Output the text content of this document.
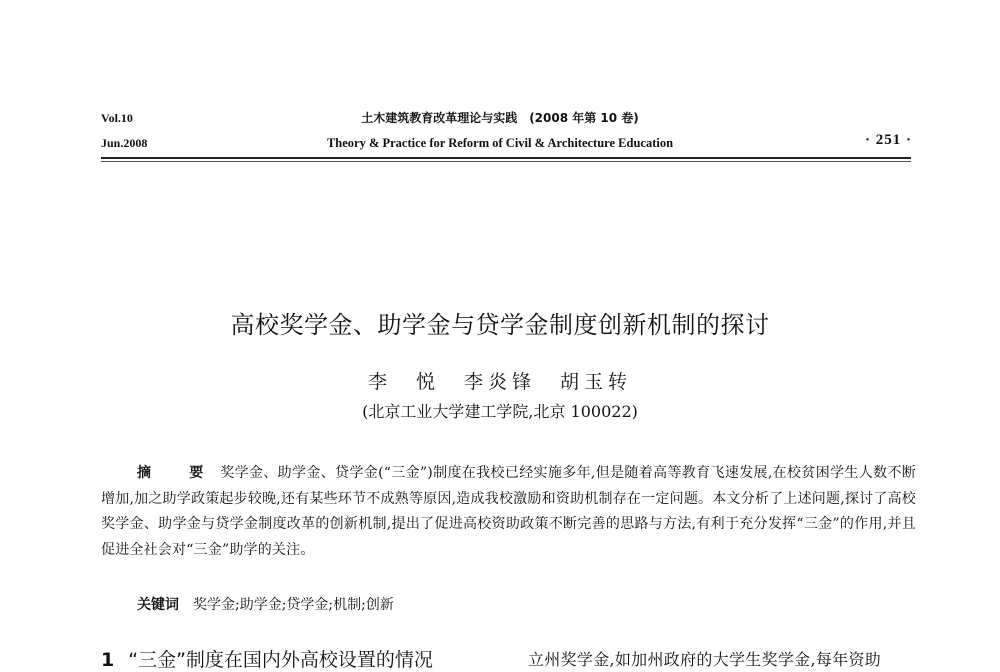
Vol.10
Jun.2008
土木建筑教育改革理论与实践　(2008 年第 10 卷)
Theory & Practice for Reform of Civil & Architecture Education	· 251 ·
高校奖学金、助学金与贷学金制度创新机制的探讨
李　悦　李炎锋　胡玉转
(北京工业大学建工学院,北京 100022)

摘　要 奖学金、助学金、贷学金(“三金”)制度在我校已经实施多年,但是随着高等教育飞速发展,在校贫困学生人数不断增加,加之助学政策起步较晚,还有某些环节不成熟等原因,造成我校激励和资助机制存在一定问题。本文分析了上述问题,探讨了高校奖学金、助学金与贷学金制度改革的创新机制,提出了促进高校资助政策不断完善的思路与方法,有利于充分发挥“三金”的作用,并且促进全社会对“三金”助学的关注。

关键词　 奖学金;助学金;贷学金;机制;创新
1 “三金”制度在国内外高校设置的情况	立州奖学金,如加州政府的大学生奖学金,每年资助
